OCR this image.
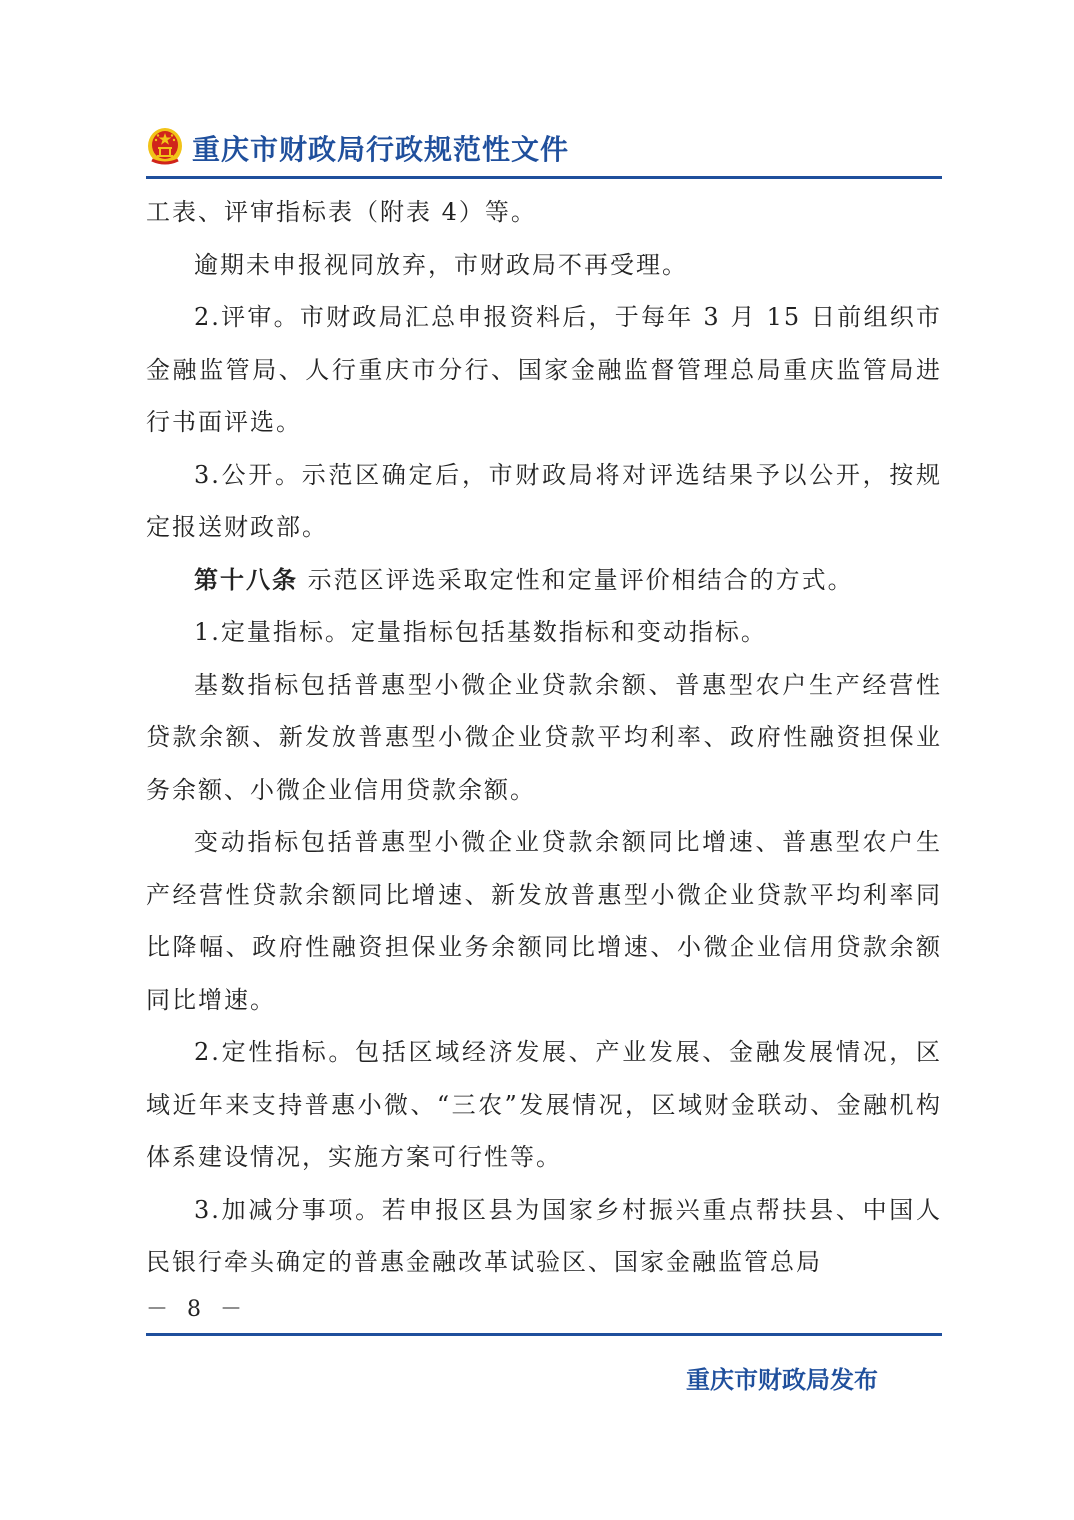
重庆市财政局行政规范性文件

工表、评审指标表（附表 4）等。

逾期未申报视同放弃，市财政局不再受理。

2.评审。市财政局汇总申报资料后，于每年 3 月 15 日前组织市金融监管局、人行重庆市分行、国家金融监督管理总局重庆监管局进行书面评选。

3.公开。示范区确定后，市财政局将对评选结果予以公开，按规定报送财政部。

第十八条 示范区评选采取定性和定量评价相结合的方式。

1.定量指标。定量指标包括基数指标和变动指标。

基数指标包括普惠型小微企业贷款余额、普惠型农户生产经营性贷款余额、新发放普惠型小微企业贷款平均利率、政府性融资担保业务余额、小微企业信用贷款余额。

变动指标包括普惠型小微企业贷款余额同比增速、普惠型农户生产经营性贷款余额同比增速、新发放普惠型小微企业贷款平均利率同比降幅、政府性融资担保业务余额同比增速、小微企业信用贷款余额同比增速。

2.定性指标。包括区域经济发展、产业发展、金融发展情况，区域近年来支持普惠小微、“三农”发展情况，区域财金联动、金融机构体系建设情况，实施方案可行性等。

3.加减分事项。若申报区县为国家乡村振兴重点帮扶县、中国人民银行牵头确定的普惠金融改革试验区、国家金融监管总局

－ 8 －
重庆市财政局发布
